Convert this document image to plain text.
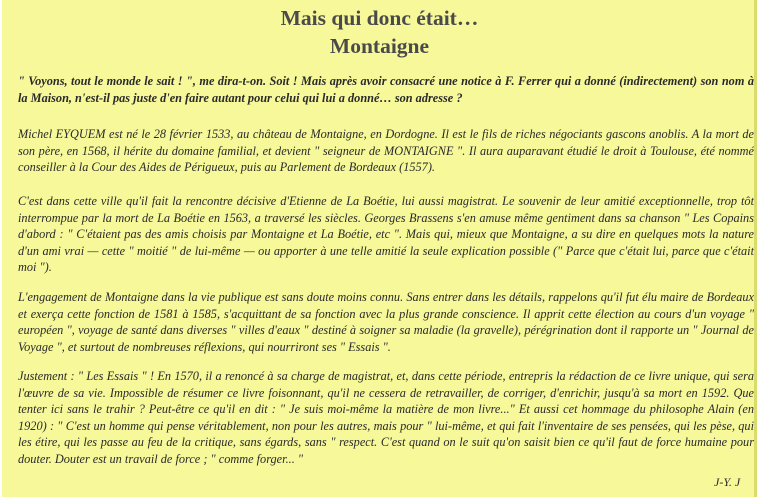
Mais qui donc était…
Montaigne

" Voyons, tout le monde le sait ! ", me dira-t-on. Soit ! Mais après avoir consacré une notice à F. Ferrer qui a donné (indirectement) son nom à la Maison, n'est-il pas juste d'en faire autant pour celui qui lui a donné… son adresse ?

Michel EYQUEM est né le 28 février 1533, au château de Montaigne, en Dordogne. Il est le fils de riches négociants gascons anoblis. A la mort de son père, en 1568, il hérite du domaine familial, et devient " seigneur de MONTAIGNE ". Il aura auparavant étudié le droit à Toulouse, été nommé conseiller à la Cour des Aides de Périgueux, puis au Parlement de Bordeaux (1557).

C'est dans cette ville qu'il fait la rencontre décisive d'Etienne de La Boétie, lui aussi magistrat. Le souvenir de leur amitié exceptionnelle, trop tôt interrompue par la mort de La Boétie en 1563, a traversé les siècles. Georges Brassens s'en amuse même gentiment dans sa chanson " Les Copains d'abord : " C'étaient pas des amis choisis par Montaigne et La Boétie, etc ". Mais qui, mieux que Montaigne, a su dire en quelques mots la nature d'un ami vrai — cette " moitié " de lui-même — ou apporter à une telle amitié la seule explication possible (" Parce que c'était lui, parce que c'était moi ").

L'engagement de Montaigne dans la vie publique est sans doute moins connu. Sans entrer dans les détails, rappelons qu'il fut élu maire de Bordeaux et exerça cette fonction de 1581 à 1585, s'acquittant de sa fonction avec la plus grande conscience. Il apprit cette élection au cours d'un voyage " européen ", voyage de santé dans diverses " villes d'eaux " destiné à soigner sa maladie (la gravelle), pérégrination dont il rapporte un " Journal de Voyage ", et surtout de nombreuses réflexions, qui nourriront ses " Essais ".

Justement : " Les Essais " ! En 1570, il a renoncé à sa charge de magistrat, et, dans cette période, entrepris la rédaction de ce livre unique, qui sera l'œuvre de sa vie. Impossible de résumer ce livre foisonnant, qu'il ne cessera de retravailler, de corriger, d'enrichir, jusqu'à sa mort en 1592. Que tenter ici sans le trahir ? Peut-être ce qu'il en dit : " Je suis moi-même la matière de mon livre..." Et aussi cet hommage du philosophe Alain (en 1920) : " C'est un homme qui pense véritablement, non pour les autres, mais pour " lui-même, et qui fait l'inventaire de ses pensées, qui les pèse, qui les étire, qui les passe au feu de la critique, sans égards, sans " respect. C'est quand on le suit qu'on saisit bien ce qu'il faut de force humaine pour douter. Douter est un travail de force ; " comme forger... "

J-Y. J
